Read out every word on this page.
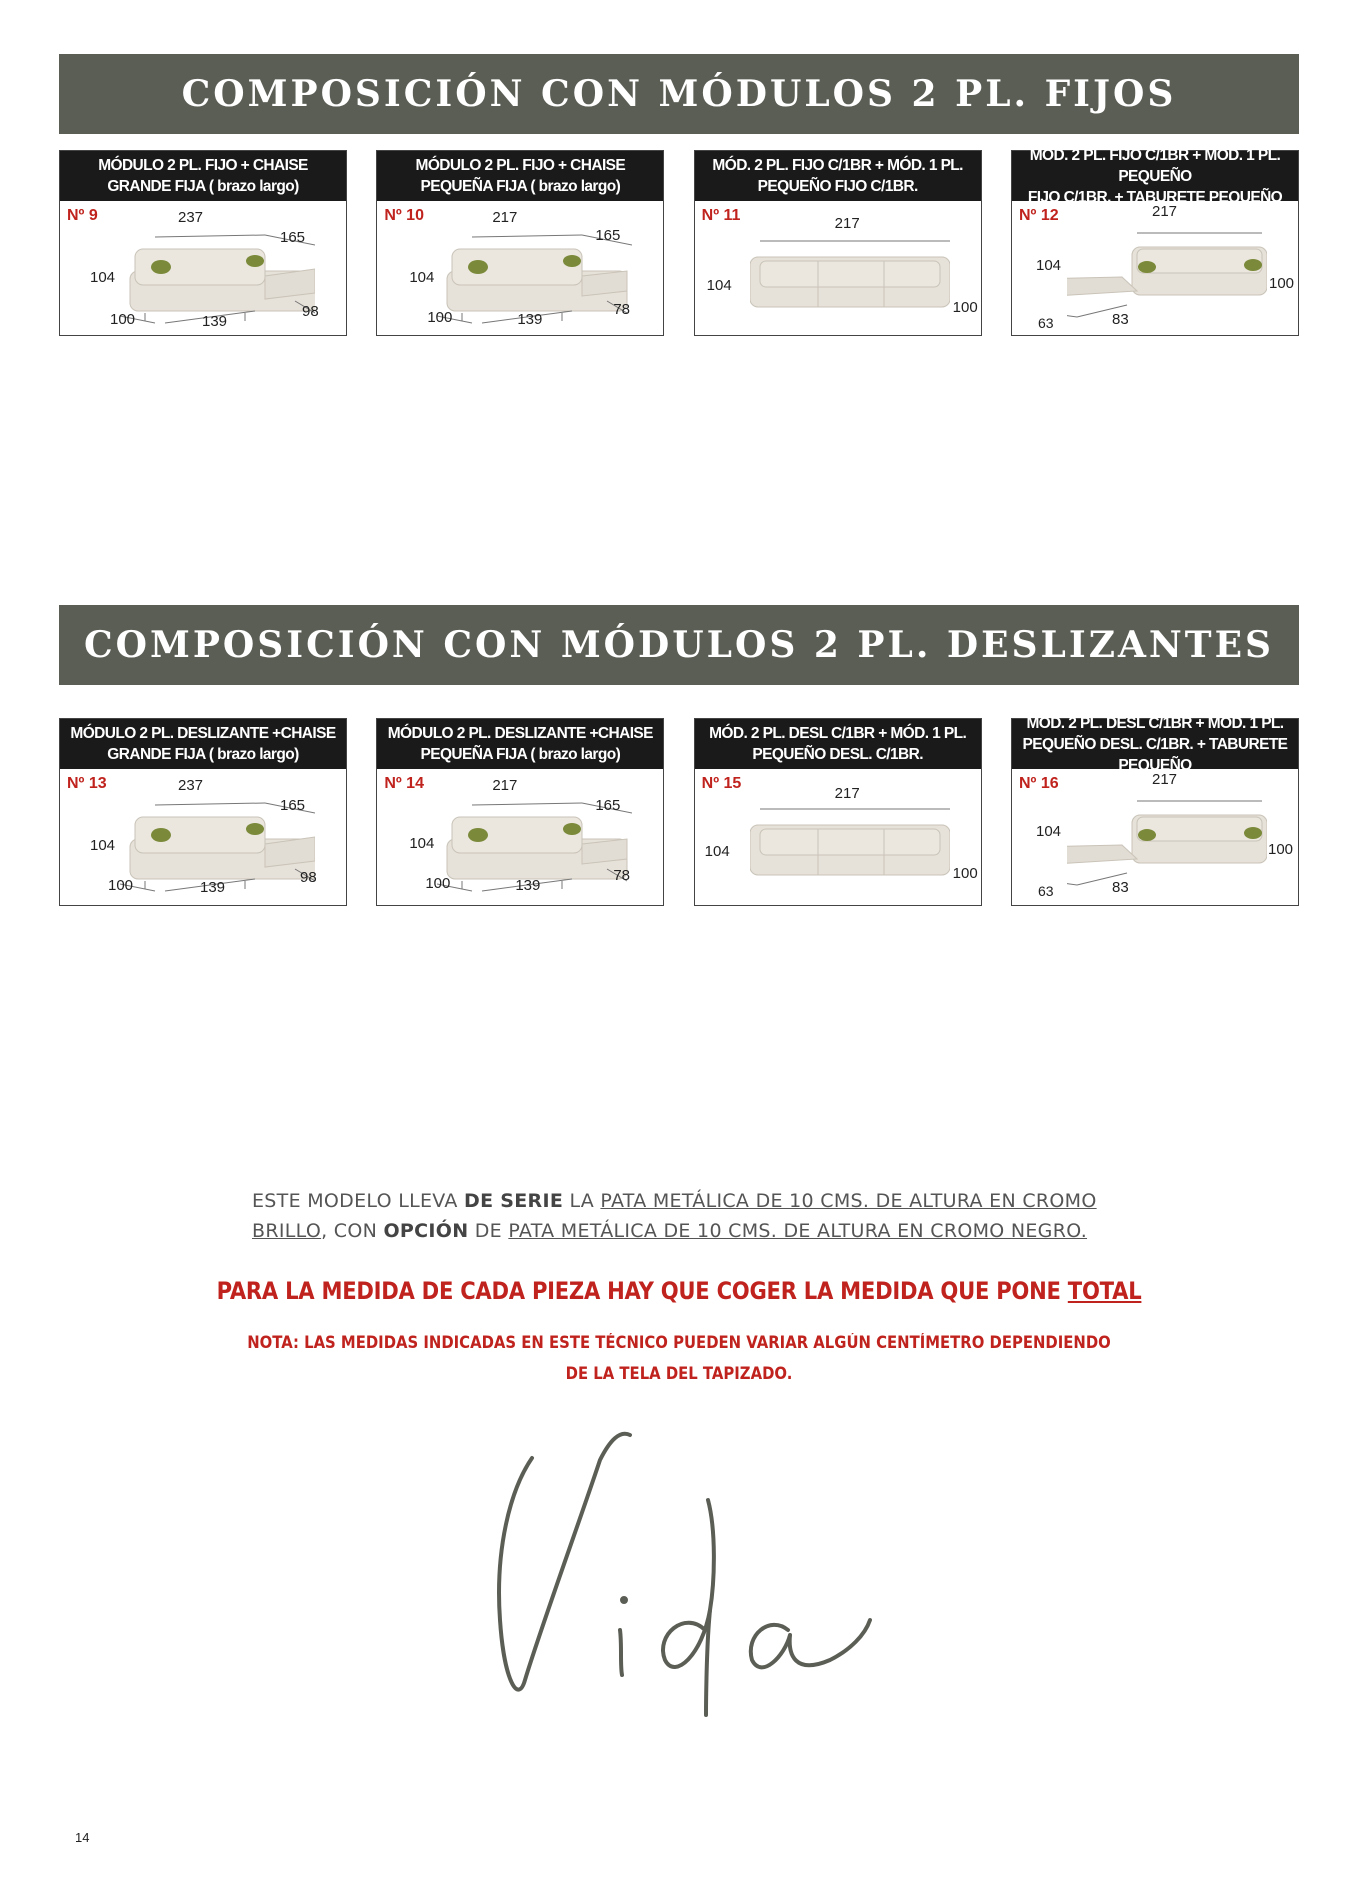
COMPOSICIÓN CON MÓDULOS 2 PL. FIJOS
MÓDULO 2 PL. FIJO + CHAISE
GRANDE FIJA ( brazo largo)
Nº 9	237
165
104
100	139
98
MÓDULO 2 PL. FIJO + CHAISE
PEQUEÑA FIJA ( brazo largo)
Nº 10	217
165
104
100	139
78
MÓD. 2 PL. FIJO C/1BR + MÓD. 1 PL.
PEQUEÑO FIJO C/1BR.
Nº 11	217
104
100
MÓD. 2 PL. FIJO C/1BR + MÓD. 1 PL. PEQUEÑO
FIJO C/1BR. + TABURETE PEQUEÑO
Nº 12	217
104
100
63	83
COMPOSICIÓN CON MÓDULOS 2 PL. DESLIZANTES
MÓDULO 2 PL. DESLIZANTE +CHAISE
GRANDE FIJA ( brazo largo)
Nº 13	237
165
104
100	139
98
MÓDULO 2 PL. DESLIZANTE +CHAISE
PEQUEÑA FIJA ( brazo largo)
Nº 14	217
165
104
100	139
78
MÓD. 2 PL. DESL C/1BR + MÓD. 1 PL.
PEQUEÑO DESL. C/1BR.
Nº 15
217
104
100
MÓD. 2 PL. DESL C/1BR + MÓD. 1 PL.
PEQUEÑO DESL. C/1BR. + TABURETE PEQUEÑO
Nº 16	217
104
100
63	83
ESTE MODELO LLEVA DE SERIE LA PATA METÁLICA DE 10 CMS. DE ALTURA EN CROMO BRILLO, CON OPCIÓN DE PATA METÁLICA DE 10 CMS. DE ALTURA EN CROMO NEGRO.
PARA LA MEDIDA DE CADA PIEZA HAY QUE COGER LA MEDIDA QUE PONE TOTAL
NOTA: LAS MEDIDAS INDICADAS EN ESTE TÉCNICO PUEDEN VARIAR ALGÚN CENTÍMETRO DEPENDIENDO
DE LA TELA DEL TAPIZADO.
Vida
14
